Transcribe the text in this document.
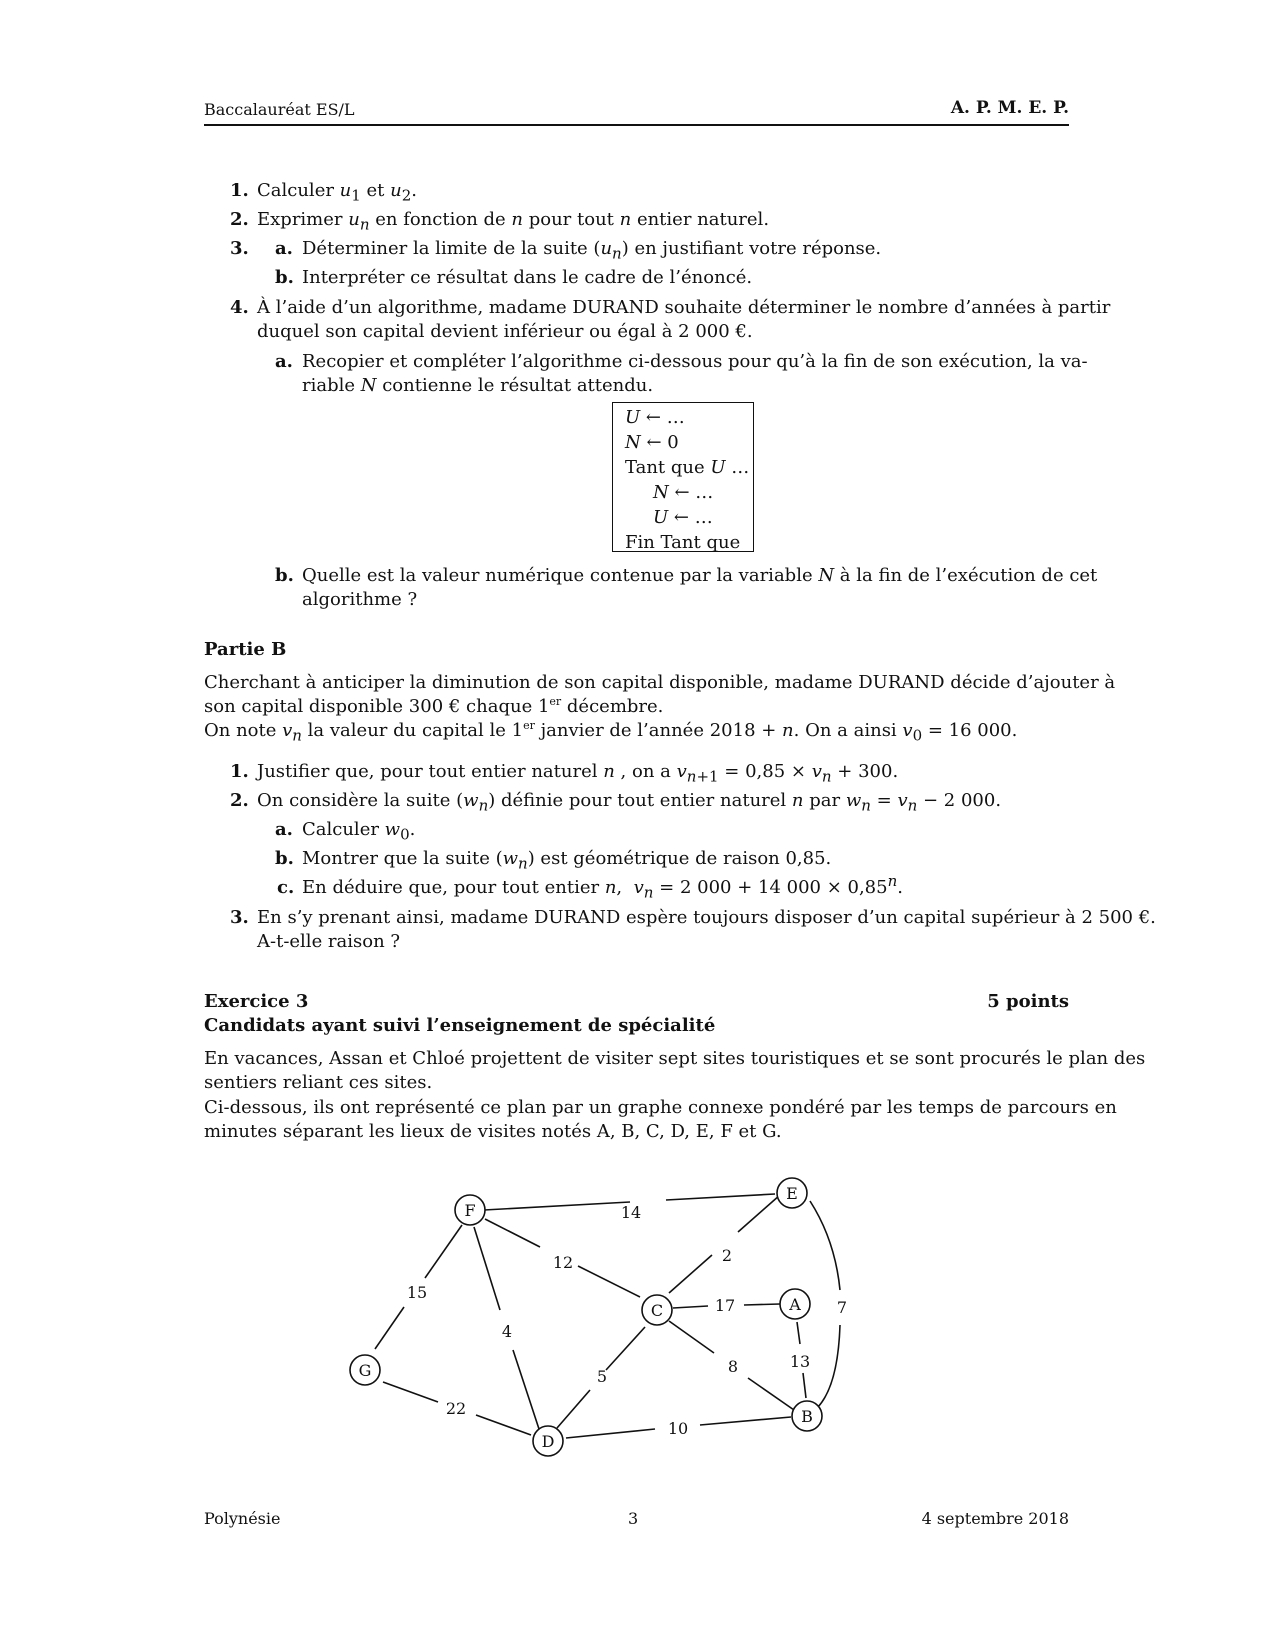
Baccalauréat ES/L	A. P. M. E. P.
1. Calculer $u_1$ et $u_2$.
2. Exprimer $u_n$ en fonction de n pour tout n entier naturel.
3. a. Déterminer la limite de la suite $(u_n)$ en justifiant votre réponse.
b. Interpréter ce résultat dans le cadre de l’énoncé.
4. À l’aide d’un algorithme, madame DURAND souhaite déterminer le nombre d’années à partir
duquel son capital devient inférieur ou égal à 2 000 €.
a. Recopier et compléter l’algorithme ci-dessous pour qu’à la fin de son exécution, la va-
riable N contienne le résultat attendu.
U ← …
N ← 0
Tant que U …
N ← …
U ← …
Fin Tant que
b. Quelle est la valeur numérique contenue par la variable N à la fin de l’exécution de cet
algorithme ?
Partie B
Cherchant à anticiper la diminution de son capital disponible, madame DURAND décide d’ajouter à
son capital disponible 300 € chaque 1er décembre.
On note $v_n$ la valeur du capital le 1er janvier de l’année 2018 + n. On a ainsi $v_0 = 16$ 000.
1. Justifier que, pour tout entier naturel n , on a $v_{n+1} = 0,85 \times v_n + 300$.
2. On considère la suite $(w_n)$ définie pour tout entier naturel n par $w_n = v_n - 2$ 000.
a. Calculer $w_0$.
b. Montrer que la suite $(w_n)$ est géométrique de raison 0,85.
c. En déduire que, pour tout entier n,  $v_n = 2$ 000 + 14 $000 \times 0,85^n$.
3. En s’y prenant ainsi, madame DURAND espère toujours disposer d’un capital supérieur à 2 500 €.
A-t-elle raison ?
Exercice 3	5 points
Candidats ayant suivi l’enseignement de spécialité
En vacances, Assan et Chloé projettent de visiter sept sites touristiques et se sont procurés le plan des
sentiers reliant ces sites.
Ci-dessous, ils ont représenté ce plan par un graphe connexe pondéré par les temps de parcours en
minutes séparant les lieux de visites notés A, B, C, D, E, F et G.
F
E
C	A
G
D
B
14
12
15
4
2
17
8
5
13
7
22
10
Polynésie	3	4 septembre 2018
